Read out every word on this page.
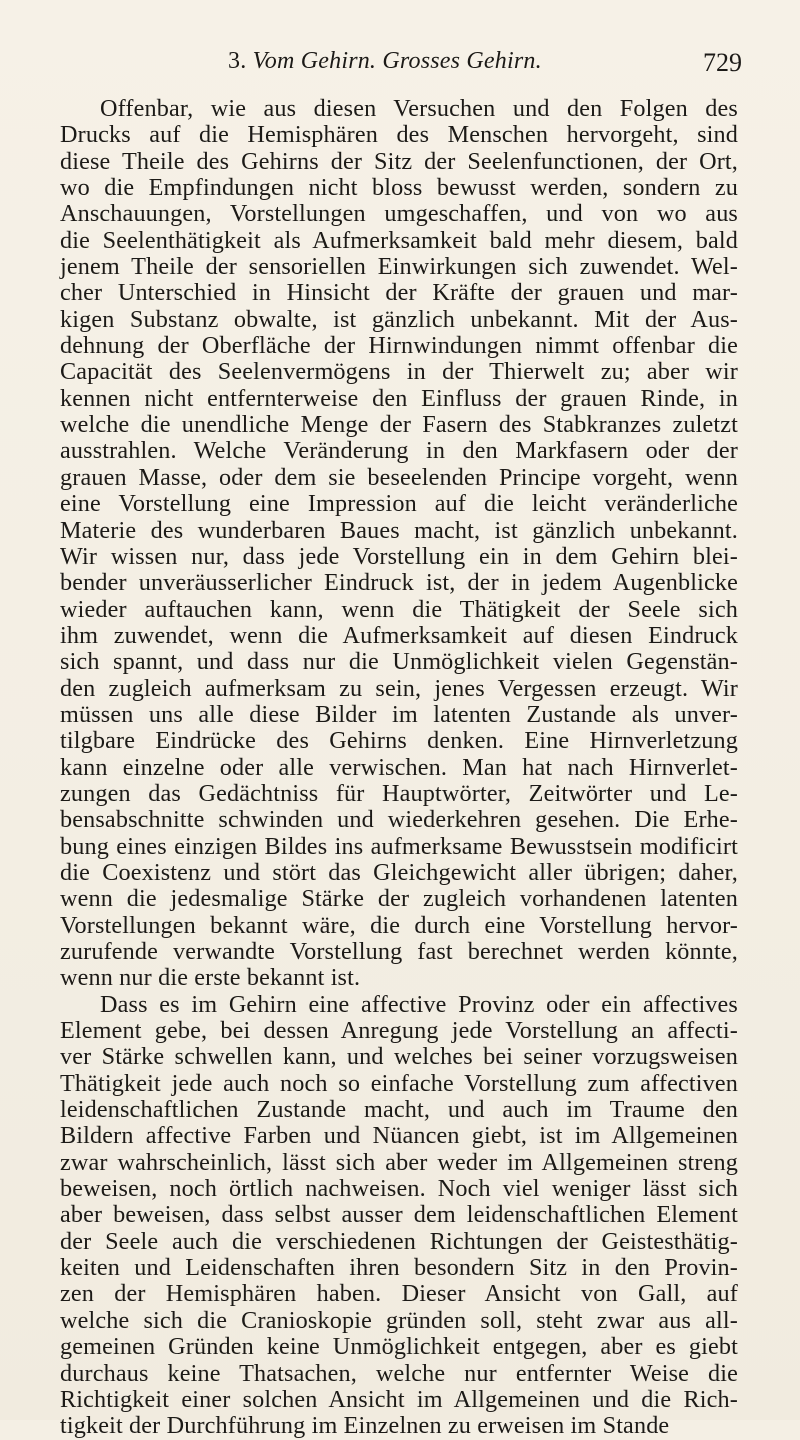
3. Vom Gehirn. Grosses Gehirn.	729
Offenbar, wie aus diesen Versuchen und den Folgen des
Drucks auf die Hemisphären des Menschen hervorgeht, sind
diese Theile des Gehirns der Sitz der Seelenfunctionen, der Ort,
wo die Empfindungen nicht bloss bewusst werden, sondern zu
Anschauungen, Vorstellungen umgeschaffen, und von wo aus
die Seelenthätigkeit als Aufmerksamkeit bald mehr diesem, bald
jenem Theile der sensoriellen Einwirkungen sich zuwendet. Wel-
cher Unterschied in Hinsicht der Kräfte der grauen und mar-
kigen Substanz obwalte, ist gänzlich unbekannt. Mit der Aus-
dehnung der Oberfläche der Hirnwindungen nimmt offenbar die
Capacität des Seelenvermögens in der Thierwelt zu; aber wir
kennen nicht entfernterweise den Einfluss der grauen Rinde, in
welche die unendliche Menge der Fasern des Stabkranzes zuletzt
ausstrahlen. Welche Veränderung in den Markfasern oder der
grauen Masse, oder dem sie beseelenden Principe vorgeht, wenn
eine Vorstellung eine Impression auf die leicht veränderliche
Materie des wunderbaren Baues macht, ist gänzlich unbekannt.
Wir wissen nur, dass jede Vorstellung ein in dem Gehirn blei-
bender unveräusserlicher Eindruck ist, der in jedem Augenblicke
wieder auftauchen kann, wenn die Thätigkeit der Seele sich
ihm zuwendet, wenn die Aufmerksamkeit auf diesen Eindruck
sich spannt, und dass nur die Unmöglichkeit vielen Gegenstän-
den zugleich aufmerksam zu sein, jenes Vergessen erzeugt. Wir
müssen uns alle diese Bilder im latenten Zustande als unver-
tilgbare Eindrücke des Gehirns denken. Eine Hirnverletzung
kann einzelne oder alle verwischen. Man hat nach Hirnverlet-
zungen das Gedächtniss für Hauptwörter, Zeitwörter und Le-
bensabschnitte schwinden und wiederkehren gesehen. Die Erhe-
bung eines einzigen Bildes ins aufmerksame Bewusstsein modificirt
die Coexistenz und stört das Gleichgewicht aller übrigen; daher,
wenn die jedesmalige Stärke der zugleich vorhandenen latenten
Vorstellungen bekannt wäre, die durch eine Vorstellung hervor-
zurufende verwandte Vorstellung fast berechnet werden könnte,
wenn nur die erste bekannt ist.
Dass es im Gehirn eine affective Provinz oder ein affectives
Element gebe, bei dessen Anregung jede Vorstellung an affecti-
ver Stärke schwellen kann, und welches bei seiner vorzugsweisen
Thätigkeit jede auch noch so einfache Vorstellung zum affectiven
leidenschaftlichen Zustande macht, und auch im Traume den
Bildern affective Farben und Nüancen giebt, ist im Allgemeinen
zwar wahrscheinlich, lässt sich aber weder im Allgemeinen streng
beweisen, noch örtlich nachweisen. Noch viel weniger lässt sich
aber beweisen, dass selbst ausser dem leidenschaftlichen Element
der Seele auch die verschiedenen Richtungen der Geistesthätig-
keiten und Leidenschaften ihren besondern Sitz in den Provin-
zen der Hemisphären haben. Dieser Ansicht von Gall, auf
welche sich die Cranioskopie gründen soll, steht zwar aus all-
gemeinen Gründen keine Unmöglichkeit entgegen, aber es giebt
durchaus keine Thatsachen, welche nur entfernter Weise die
Richtigkeit einer solchen Ansicht im Allgemeinen und die Rich-
tigkeit der Durchführung im Einzelnen zu erweisen im Stande
